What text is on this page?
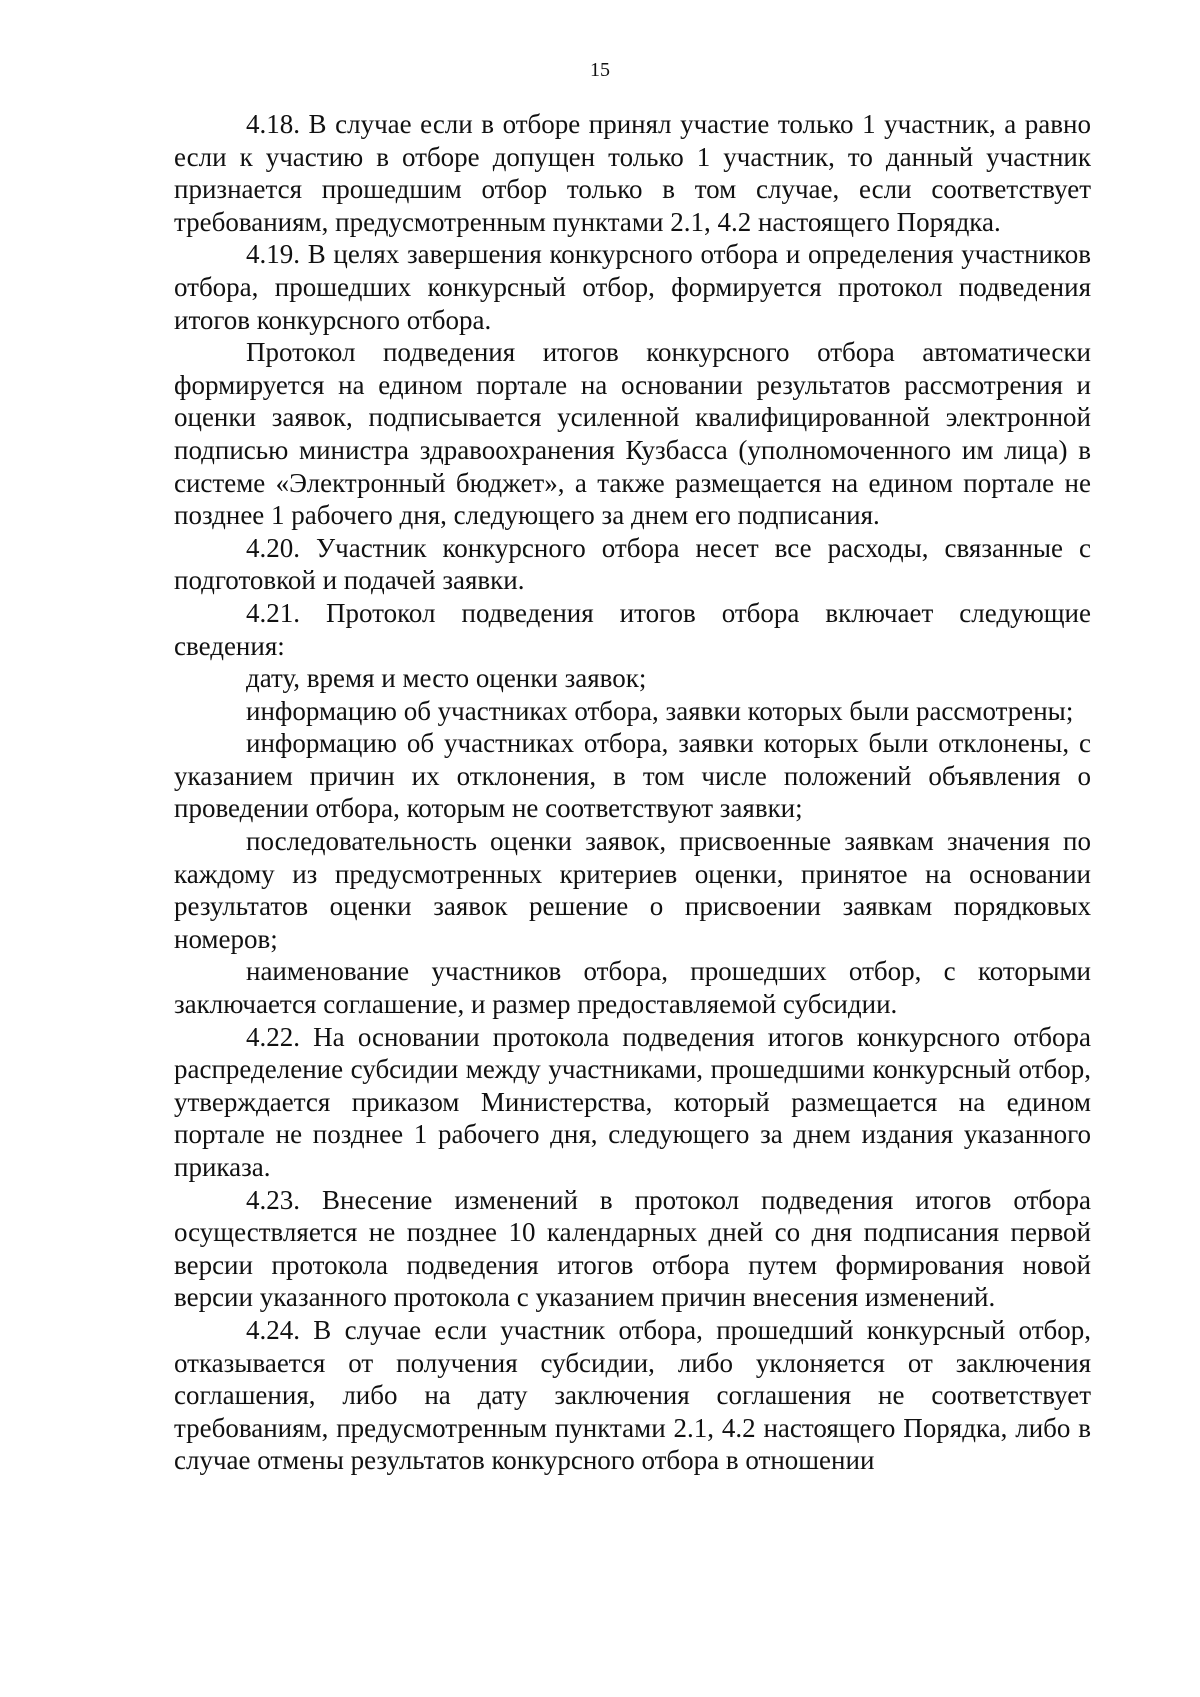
15

4.18. В случае если в отборе принял участие только 1 участник, а равно если к участию в отборе допущен только 1 участник, то данный участник признается прошедшим отбор только в том случае, если соответствует требованиям, предусмотренным пунктами 2.1, 4.2 настоящего Порядка.

4.19. В целях завершения конкурсного отбора и определения участников отбора, прошедших конкурсный отбор, формируется протокол подведения итогов конкурсного отбора.

Протокол подведения итогов конкурсного отбора автоматически формируется на едином портале на основании результатов рассмотрения и оценки заявок, подписывается усиленной квалифицированной электронной подписью министра здравоохранения Кузбасса (уполномоченного им лица) в системе «Электронный бюджет», а также размещается на едином портале не позднее 1 рабочего дня, следующего за днем его подписания.

4.20. Участник конкурсного отбора несет все расходы, связанные с подготовкой и подачей заявки.

4.21. Протокол подведения итогов отбора включает следующие сведения:

дату, время и место оценки заявок;

информацию об участниках отбора, заявки которых были рассмотрены;

информацию об участниках отбора, заявки которых были отклонены, с указанием причин их отклонения, в том числе положений объявления о проведении отбора, которым не соответствуют заявки;

последовательность оценки заявок, присвоенные заявкам значения по каждому из предусмотренных критериев оценки, принятое на основании результатов оценки заявок решение о присвоении заявкам порядковых номеров;

наименование участников отбора, прошедших отбор, с которыми заключается соглашение, и размер предоставляемой субсидии.

4.22. На основании протокола подведения итогов конкурсного отбора распределение субсидии между участниками, прошедшими конкурсный отбор, утверждается приказом Министерства, который размещается на едином портале не позднее 1 рабочего дня, следующего за днем издания указанного приказа.

4.23. Внесение изменений в протокол подведения итогов отбора осуществляется не позднее 10 календарных дней со дня подписания первой версии протокола подведения итогов отбора путем формирования новой версии указанного протокола с указанием причин внесения изменений.

4.24. В случае если участник отбора, прошедший конкурсный отбор, отказывается от получения субсидии, либо уклоняется от заключения соглашения, либо на дату заключения соглашения не соответствует требованиям, предусмотренным пунктами 2.1, 4.2 настоящего Порядка, либо в случае отмены результатов конкурсного отбора в отношении
